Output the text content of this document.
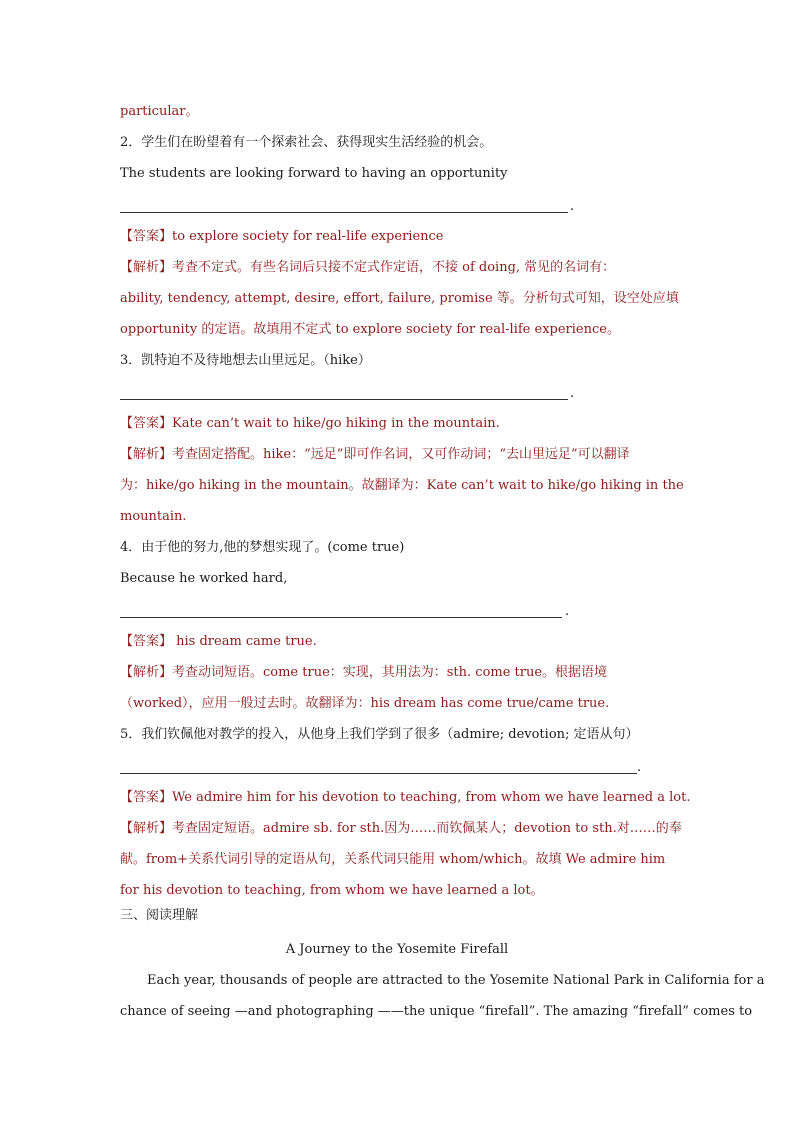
particular。
2．学生们在盼望着有一个探索社会、获得现实生活经验的机会。
The students are looking forward to having an opportunity
.
【答案】to explore society for real-life experience
【解析】考查不定式。有些名词后只接不定式作定语，不接 of doing, 常见的名词有：
ability, tendency, attempt, desire, effort, failure, promise 等。分析句式可知，设空处应填
opportunity 的定语。故填用不定式 to explore society for real-life experience。
3．凯特迫不及待地想去山里远足。（hike）
.
【答案】Kate can’t wait to hike/go hiking in the mountain.
【解析】考查固定搭配。hike：“远足”即可作名词，又可作动词；“去山里远足”可以翻译
为：hike/go hiking in the mountain。故翻译为：Kate can’t wait to hike/go hiking in the
mountain.
4．由于他的努力,他的梦想实现了。(come true)
Because he worked hard,
.
【答案】 his dream came true.
【解析】考查动词短语。come true：实现，其用法为：sth. come true。根据语境
（worked），应用一般过去时。故翻译为：his dream has come true/came true.
5．我们钦佩他对教学的投入，从他身上我们学到了很多（admire; devotion; 定语从句）
.
【答案】We admire him for his devotion to teaching, from whom we have learned a lot.
【解析】考查固定短语。admire sb. for sth.因为……而钦佩某人；devotion to sth.对……的奉
献。from+关系代词引导的定语从句，关系代词只能用 whom/which。故填 We admire him
for his devotion to teaching, from whom we have learned a lot。
三、阅读理解
A Journey to the Yosemite Firefall
Each year, thousands of people are attracted to the Yosemite National Park in California for a
chance of seeing —and photographing ——the unique “firefall”. The amazing “firefall” comes to
